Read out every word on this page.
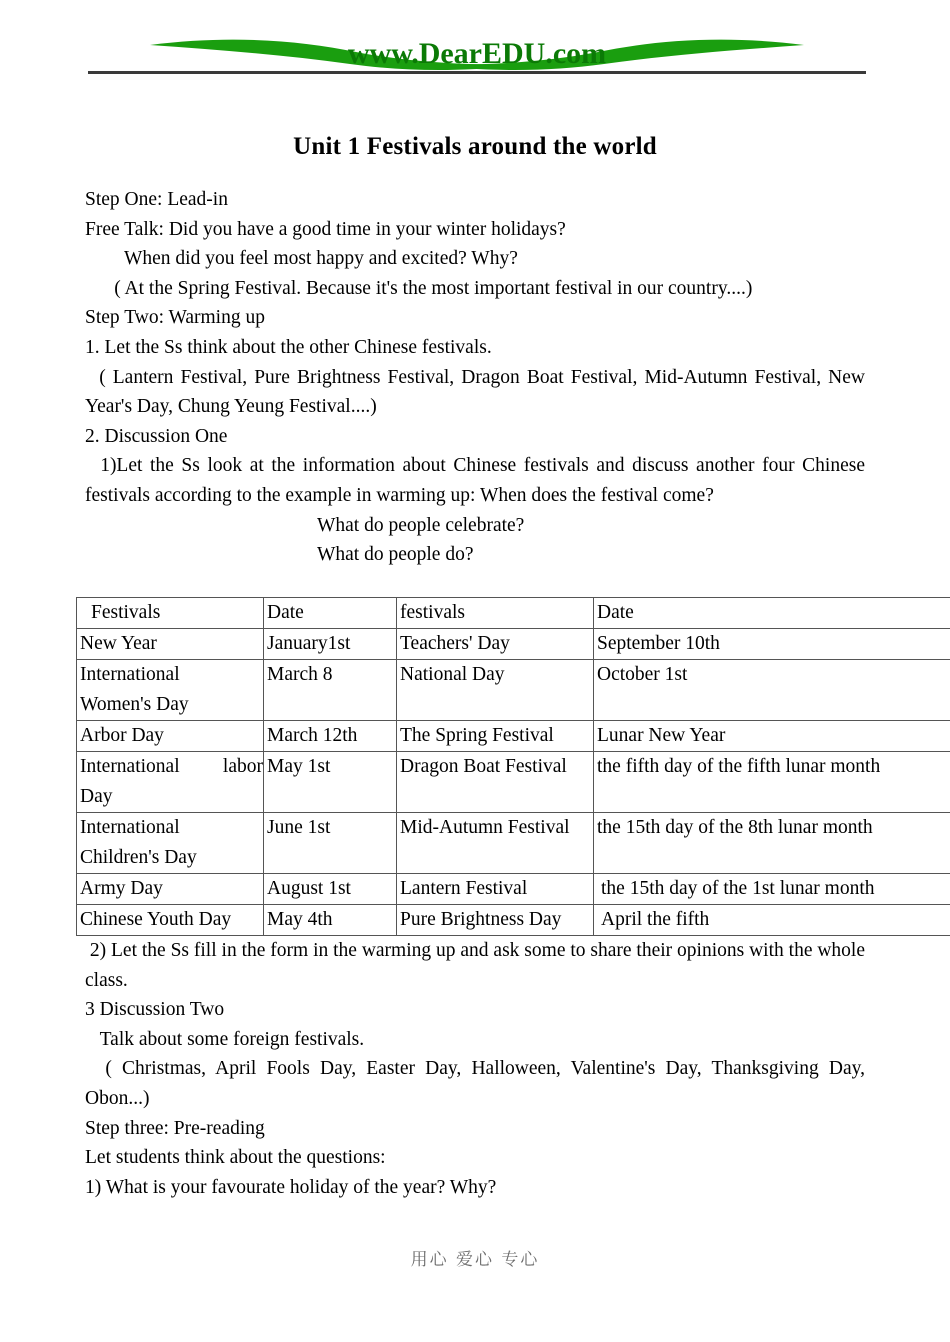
www.DearEDU.com
Unit 1 Festivals around the world
Step One: Lead-in
Free Talk: Did you have a good time in your winter holidays?
When did you feel most happy and excited? Why?
( At the Spring Festival. Because it's the most important festival in our country....)
Step Two: Warming up
1. Let the Ss think about the other Chinese festivals.
( Lantern Festival, Pure Brightness Festival, Dragon Boat Festival, Mid-Autumn Festival, New Year's Day, Chung Yeung Festival....)
2. Discussion One
1)Let the Ss look at the information about Chinese festivals and discuss another four Chinese festivals according to the example in warming up: When does the festival come?
What do people celebrate?
What do people do?
Festivals	Date	festivals	Date
New Year	January1st	Teachers' Day	September 10th
International
Women's Day	March 8	National Day	October 1st
Arbor Day	March 12th	The Spring Festival	Lunar New Year

International labor
Day	May 1st	Dragon Boat Festival	the fifth day of the fifth lunar month
International
Children's Day	June 1st	Mid-Autumn Festival	the 15th day of the 8th lunar month
Army Day	August 1st	Lantern Festival	the 15th day of the 1st lunar month
Chinese Youth Day	May 4th	Pure Brightness Day	April the fifth
2) Let the Ss fill in the form in the warming up and ask some to share their opinions with the whole class.
3 Discussion Two
Talk about some foreign festivals.
( Christmas, April Fools Day, Easter Day, Halloween, Valentine's Day, Thanksgiving Day, Obon...)
Step three: Pre-reading
Let students think about the questions:
1) What is your favourate holiday of the year? Why?
用心 爱心 专心
